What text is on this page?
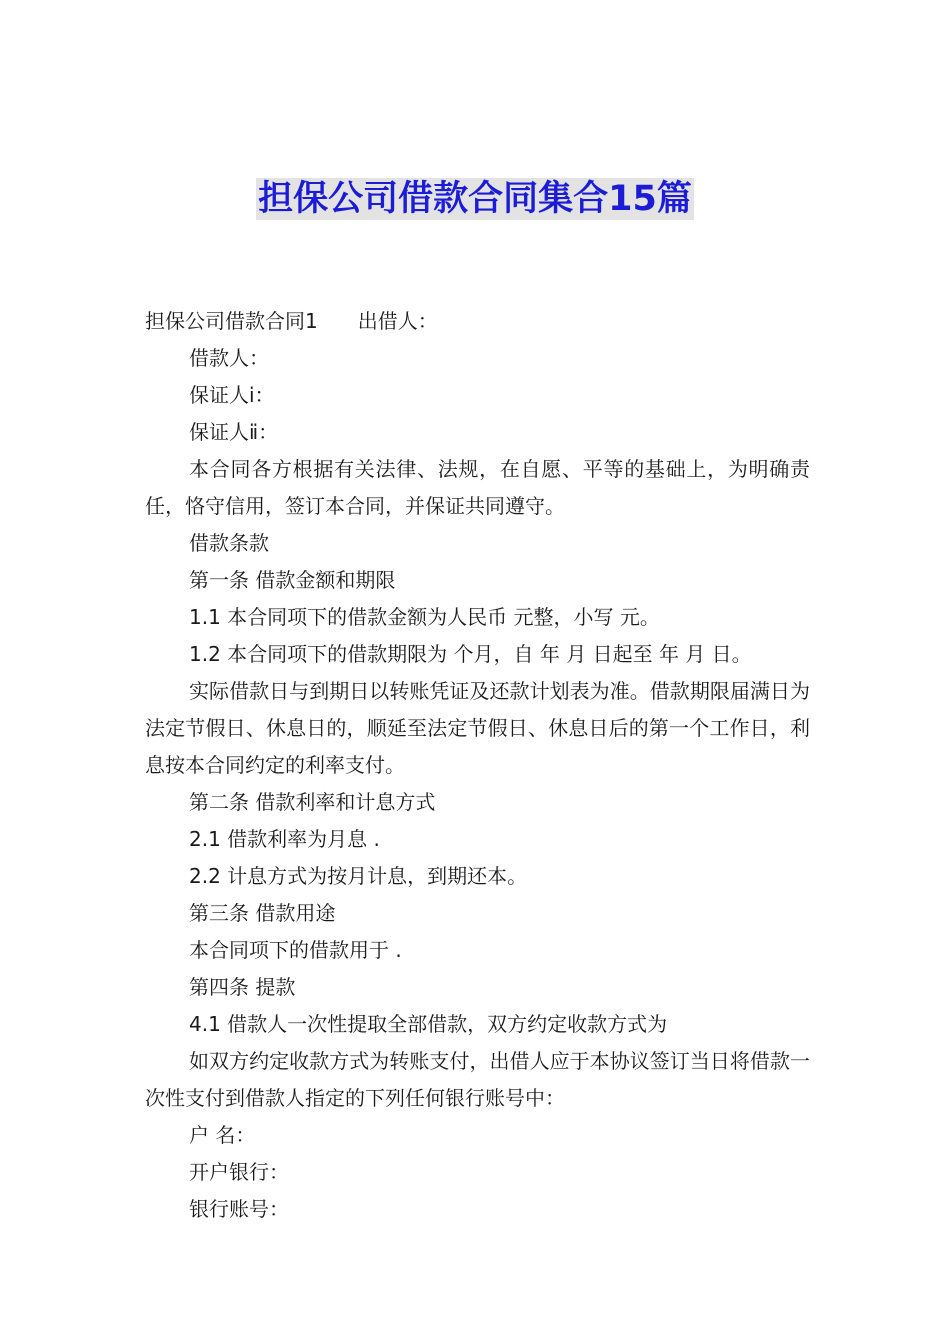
担保公司借款合同集合15篇

担保公司借款合同1 出借人：

借款人：

保证人ⅰ：

保证人ⅱ：

本合同各方根据有关法律、法规，在自愿、平等的基础上，为明确责任，恪守信用，签订本合同，并保证共同遵守。

借款条款

第一条 借款金额和期限

1.1 本合同项下的借款金额为人民币 元整，小写 元。

1.2 本合同项下的借款期限为 个月，自 年 月 日起至 年 月 日。

实际借款日与到期日以转账凭证及还款计划表为准。借款期限届满日为法定节假日、休息日的，顺延至法定节假日、休息日后的第一个工作日，利息按本合同约定的利率支付。

第二条 借款利率和计息方式

2.1 借款利率为月息 .

2.2 计息方式为按月计息，到期还本。

第三条 借款用途

本合同项下的借款用于 .

第四条 提款

4.1 借款人一次性提取全部借款，双方约定收款方式为

如双方约定收款方式为转账支付，出借人应于本协议签订当日将借款一次性支付到借款人指定的下列任何银行账号中：

户 名：

开户银行：

银行账号：
